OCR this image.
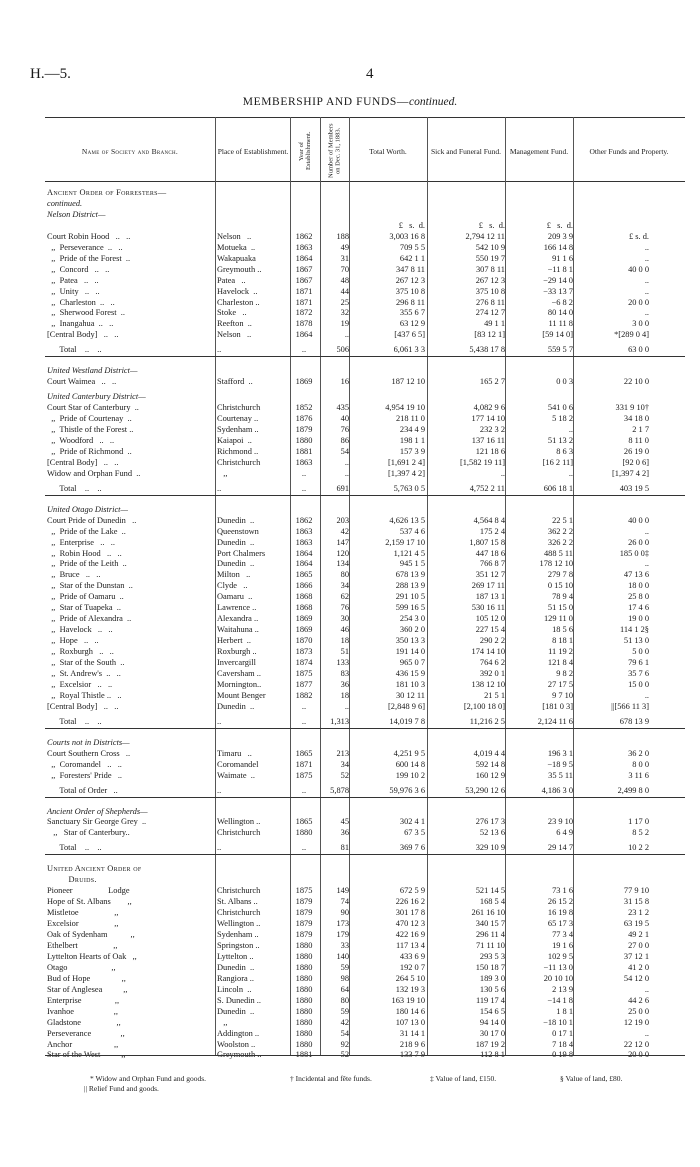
H.—5.	4
MEMBERSHIP AND FUNDS—continued.
Name of Society and Branch.	Place of Establishment.	Year of Establishment.	Number of Members on Dec. 31, 1883.	Total Worth.	Sick and Funeral Fund.	Management Fund.	Other Funds and Property.
Ancient Order of Forresters—
continued.
Nelson District—
£   s.  d.	£   s.  d.	£   s.  d.
Court Robin Hood   ..   ..	Nelson   ..	1862	188	3,003 16 8	2,794 12 11	209 3 9	£ s. d.
,,  Perseverance  ..   ..	Motueka  ..	1863	49	709 5 5	542 10 9	166 14 8	..
,,  Pride of the Forest  ..	Wakapuaka	1864	31	642 1 1	550 19 7	91 1 6	..
,,  Concord   ..   ..	Greymouth ..	1867	70	347 8 11	307 8 11	−11 8 1	40 0 0
,,  Patea   ..   ..	Patea   ..	1867	48	267 12 3	267 12 3	−29 14 0	..
,,  Unity   ..   ..	Havelock  ..	1871	44	375 10 8	375 10 8	−33 13 7	..
,,  Charleston  ..   ..	Charleston ..	1871	25	296 8 11	276 8 11	−6 8 2	20 0 0
,,  Sherwood Forest  ..	Stoke   ..	1872	32	355 6 7	274 12 7	80 14 0	..
,,  Inangahua  ..   ..	Reefton  ..	1878	19	63 12 9	49 1 1	11 11 8	3 0 0
[Central Body]   ..   ..	Nelson   ..	1864	..	[437 6 5]	[83 12 1]	[59 14 0]	*[289 0 4]
Total    ..    ..	..	..	506	6,061 3 3	5,438 17 8	559 5 7	63 0 0
United Westland District—
Court Waimea   ..   ..	Stafford  ..	1869	16	187 12 10	165 2 7	0 0 3	22 10 0
United Canterbury District—
Court Star of Canterbury  ..	Christchurch	1852	435	4,954 19 10	4,082 9 6	541 0 6	331 9 10†
,,  Pride of Courtenay  ..	Courtenay ..	1876	40	218 11 0	177 14 10	5 18 2	34 18 0
,,  Thistle of the Forest ..	Sydenham ..	1879	76	234 4 9	232 3 2	..	2 1 7
,,  Woodford   ..   ..	Kaiapoi  ..	1880	86	198 1 1	137 16 11	51 13 2	8 11 0
,,  Pride of Richmond  ..	Richmond ..	1881	54	157 3 9	121 18 6	8 6 3	26 19 0
[Central Body]   ..   ..	Christchurch	1863	..	[1,691 2 4]	[1,582 19 11]	[16 2 11]	[92 0 6]
Widow and Orphan Fund  ..	,,	..	..	[1,397 4 2]	..	..	[1,397 4 2]
Total    ..    ..	..	..	691	5,763 0 5	4,752 2 11	606 18 1	403 19 5
United Otago District—
Court Pride of Dunedin   ..	Dunedin  ..	1862	203	4,626 13 5	4,564 8 4	22 5 1	40 0 0
,,  Pride of the Lake  ..	Queenstown	1863	42	537 4 6	175 2 4	362 2 2	..
,,  Enterprise   ..   ..	Dunedin  ..	1863	147	2,159 17 10	1,807 15 8	326 2 2	26 0 0
,,  Robin Hood   ..   ..	Port Chalmers	1864	120	1,121 4 5	447 18 6	488 5 11	185 0 0‡
,,  Pride of the Leith  ..	Dunedin  ..	1864	134	945 1 5	766 8 7	178 12 10	..
,,  Bruce   ..   ..	Milton   ..	1865	80	678 13 9	351 12 7	279 7 8	47 13 6
,,  Star of the Dunstan  ..	Clyde   ..	1866	34	288 13 9	269 17 11	0 15 10	18 0 0
,,  Pride of Oamaru  ..	Oamaru  ..	1868	62	291 10 5	187 13 1	78 9 4	25 8 0
,,  Star of Tuapeka  ..	Lawrence ..	1868	76	599 16 5	530 16 11	51 15 0	17 4 6
,,  Pride of Alexandra  ..	Alexandra ..	1869	30	254 3 0	105 12 0	129 11 0	19 0 0
,,  Havelock   ..   ..	Waitahuna ..	1869	46	360 2 0	227 15 4	18 5 6	114 1 2§
,,  Hope   ..   ..	Herbert  ..	1870	18	350 13 3	290 2 2	8 18 1	51 13 0
,,  Roxburgh   ..   ..	Roxburgh ..	1873	51	191 14 0	174 14 10	11 19 2	5 0 0
,,  Star of the South  ..	Invercargill	1874	133	965 0 7	764 6 2	121 8 4	79 6 1
,,  St. Andrew's  ..   ..	Caversham ..	1875	83	436 15 9	392 0 1	9 8 2	35 7 6
,,  Excelsior   ..   ..	Mornington..	1877	36	181 10 3	138 12 10	27 17 5	15 0 0
,,  Royal Thistle ..   ..	Mount Benger	1882	18	30 12 11	21 5 1	9 7 10	..
[Central Body]   ..   ..	Dunedin  ..	..	..	[2,848 9 6]	[2,100 18 0]	[181 0 3]	||[566 11 3]
Total    ..    ..	..	..	1,313	14,019 7 8	11,216 2 5	2,124 11 6	678 13 9
Courts not in Districts—
Court Southern Cross   ..	Timaru   ..	1865	213	4,251 9 5	4,019 4 4	196 3 1	36 2 0
,,  Coromandel   ..   ..	Coromandel	1871	34	600 14 8	592 14 8	−18 9 5	8 0 0
,,  Foresters' Pride   ..	Waimate  ..	1875	52	199 10 2	160 12 9	35 5 11	3 11 6
Total of Order   ..	..	..	5,878	59,976 3 6	53,290 12 6	4,186 3 0	2,499 8 0
Ancient Order of Shepherds—
Sanctuary Sir George Grey  ..	Wellington ..	1865	45	302 4 1	276 17 3	23 9 10	1 17 0
,,   Star of Canterbury..	Christchurch	1880	36	67 3 5	52 13 6	6 4 9	8 5 2
Total    ..    ..	..	..	81	369 7 6	329 10 9	29 14 7	10 2 2
United Ancient Order of
Druids.
Pioneer                 Lodge	Christchurch	1875	149	672 5 9	521 14 5	73 1 6	77 9 10
Hope of St. Albans        ,,	St. Albans ..	1879	74	226 16 2	168 5 4	26 15 2	31 15 8
Mistletoe                 ,,	Christchurch	1879	90	301 17 8	261 16 10	16 19 8	23 1 2
Excelsior                 ,,	Wellington ..	1879	173	470 12 3	340 15 7	65 17 3	63 19 5
Oak of Sydenham           ,,	Sydenham ..	1879	179	422 16 9	296 11 4	77 3 4	49 2 1
Ethelbert                 ,,	Springston ..	1880	33	117 13 4	71 11 10	19 1 6	27 0 0
Lyttelton Hearts of Oak   ,,	Lyttelton ..	1880	140	433 6 9	293 5 3	102 9 5	37 12 1
Otago                     ,,	Dunedin  ..	1880	59	192 0 7	150 18 7	−11 13 0	41 2 0
Bud of Hope               ,,	Rangiora ..	1880	98	264 5 10	189 3 0	20 10 10	54 12 0
Star of Anglesea          ,,	Lincoln  ..	1880	64	132 19 3	130 5 6	2 13 9	..
Enterprise                ,,	S. Dunedin ..	1880	80	163 19 10	119 17 4	−14 1 8	44 2 6
Ivanhoe                   ,,	Dunedin  ..	1880	59	180 14 6	154 6 5	1 8 1	25 0 0
Gladstone                 ,,	,,	1880	42	107 13 0	94 14 0	−18 10 1	12 19 0
Perseverance              ,,	Addington ..	1880	54	31 14 1	30 17 0	0 17 1	..
Anchor                    ,,	Woolston ..	1880	92	218 9 6	187 19 2	7 18 4	22 12 0
Star of the West          ,,	Greymouth ..	1881	52	133 7 9	112 8 1	0 19 8	20 0 0
* Widow and Orphan Fund and goods.	† Incidental and fête funds.	‡ Value of land, £150.	§ Value of land, £80.
|| Relief Fund and goods.
